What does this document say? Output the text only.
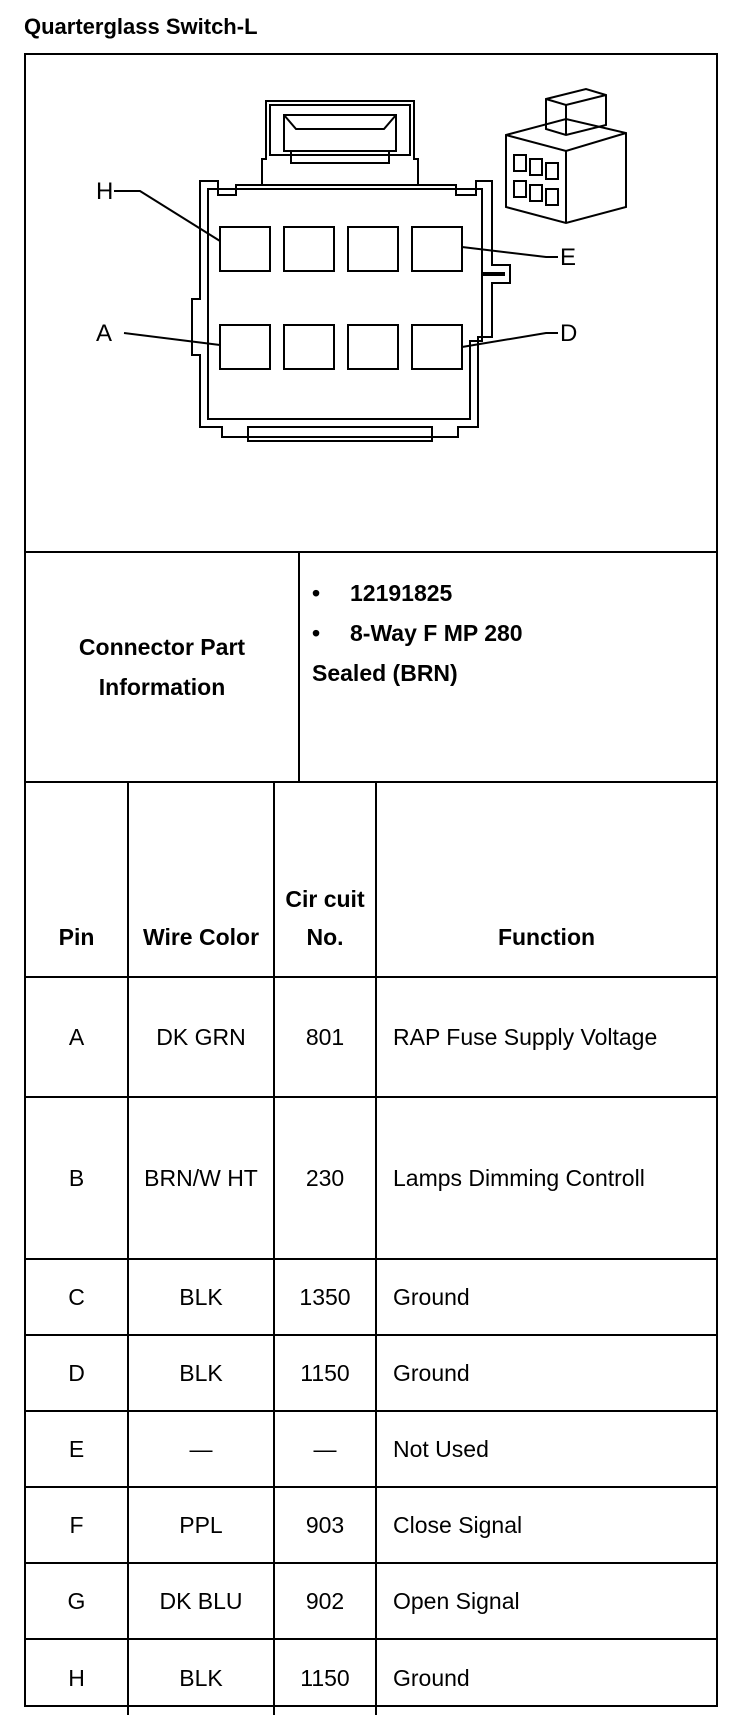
Quarterglass Switch-L
H
E
A	D
Connector Part Information
•	12191825
•	8-Way F MP 280
Sealed (BRN)
Pin	Wire Color	Cir cuit No.	Function
A	DK GRN	801	RAP Fuse Supply Voltage
B	BRN/W HT	230	Lamps Dimming Controll
C	BLK	1350	Ground
D	BLK	1150	Ground
E	—	—	Not Used
F	PPL	903	Close Signal
G	DK BLU	902	Open Signal
H	BLK	1150	Ground
